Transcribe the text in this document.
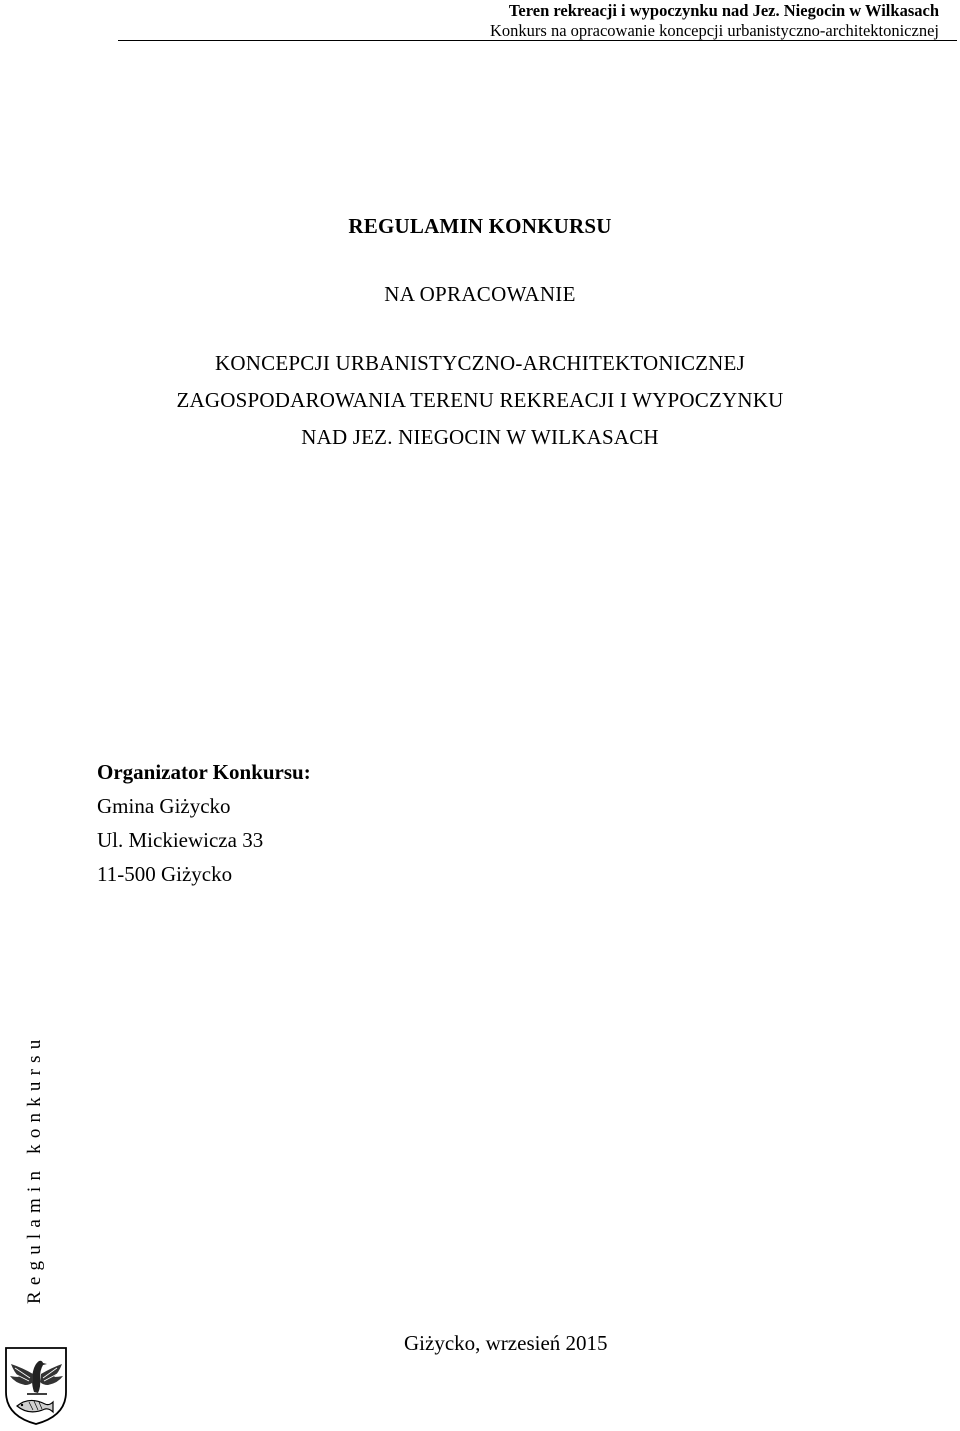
Teren rekreacji i wypoczynku nad Jez. Niegocin w Wilkasach
Konkurs na opracowanie koncepcji urbanistyczno-architektonicznej
REGULAMIN KONKURSU
NA OPRACOWANIE
KONCEPCJI URBANISTYCZNO-ARCHITEKTONICZNEJ
ZAGOSPODAROWANIA TERENU REKREACJI I WYPOCZYNKU
NAD JEZ. NIEGOCIN W WILKASACH
Organizator Konkursu:
Gmina Giżycko
Ul. Mickiewicza 33
11-500 Giżycko
Regulamin konkursu
Giżycko, wrzesień 2015
